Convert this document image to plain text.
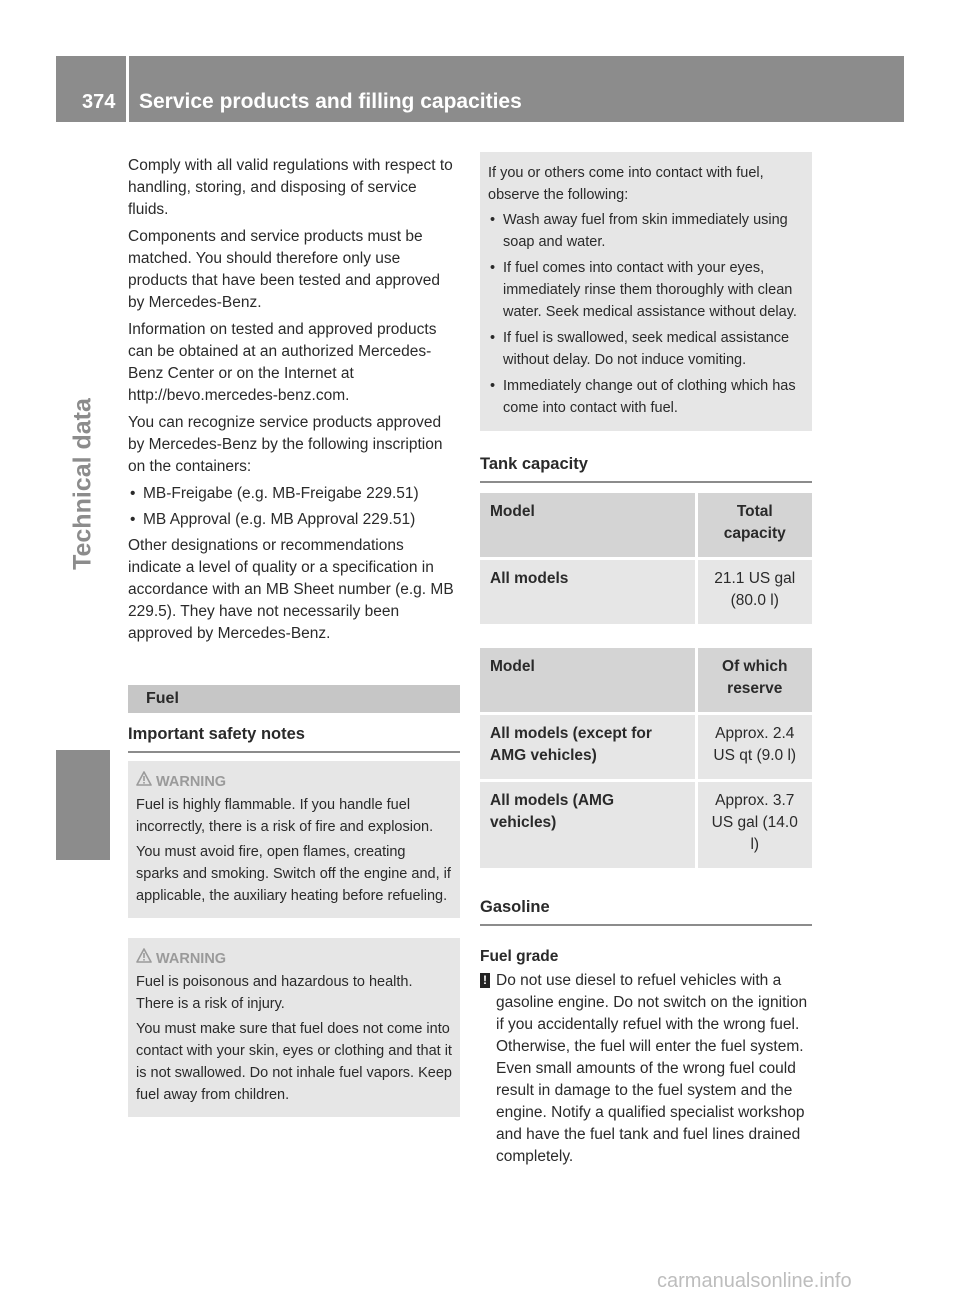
374 Service products and filling capacities
Technical data

Comply with all valid regulations with respect to handling, storing, and disposing of service fluids.

Components and service products must be matched. You should therefore only use products that have been tested and approved by Mercedes-Benz.

Information on tested and approved products can be obtained at an authorized Mercedes-Benz Center or on the Internet at http://bevo.mercedes-benz.com.

You can recognize service products approved by Mercedes-Benz by the following inscription on the containers:

• MB-Freigabe (e.g. MB-Freigabe 229.51)
• MB Approval (e.g. MB Approval 229.51)

Other designations or recommendations indicate a level of quality or a specification in accordance with an MB Sheet number (e.g. MB 229.5). They have not necessarily been approved by Mercedes-Benz.

Fuel
Important safety notes
WARNING

Fuel is highly flammable. If you handle fuel incorrectly, there is a risk of fire and explosion.

You must avoid fire, open flames, creating sparks and smoking. Switch off the engine and, if applicable, the auxiliary heating before refueling.

WARNING

Fuel is poisonous and hazardous to health. There is a risk of injury.

You must make sure that fuel does not come into contact with your skin, eyes or clothing and that it is not swallowed. Do not inhale fuel vapors. Keep fuel away from children.

If you or others come into contact with fuel, observe the following:

• Wash away fuel from skin immediately using soap and water.
• If fuel comes into contact with your eyes, immediately rinse them thoroughly with clean water. Seek medical assistance without delay.
• If fuel is swallowed, seek medical assistance without delay. Do not induce vomiting.
• Immediately change out of clothing which has come into contact with fuel.
Tank capacity
Model	Total capacity
All models	21.1 US gal (80.0 l)
Model	Of which reserve
All models (except for AMG vehicles)	Approx. 2.4 US qt (9.0 l)
All models (AMG vehicles)	Approx. 3.7 US gal (14.0 l)
Gasoline
Fuel grade
! Do not use diesel to refuel vehicles with a gasoline engine. Do not switch on the ignition if you accidentally refuel with the wrong fuel. Otherwise, the fuel will enter the fuel system. Even small amounts of the wrong fuel could result in damage to the fuel system and the engine. Notify a qualified specialist workshop and have the fuel tank and fuel lines drained completely.
carmanualsonline.info
